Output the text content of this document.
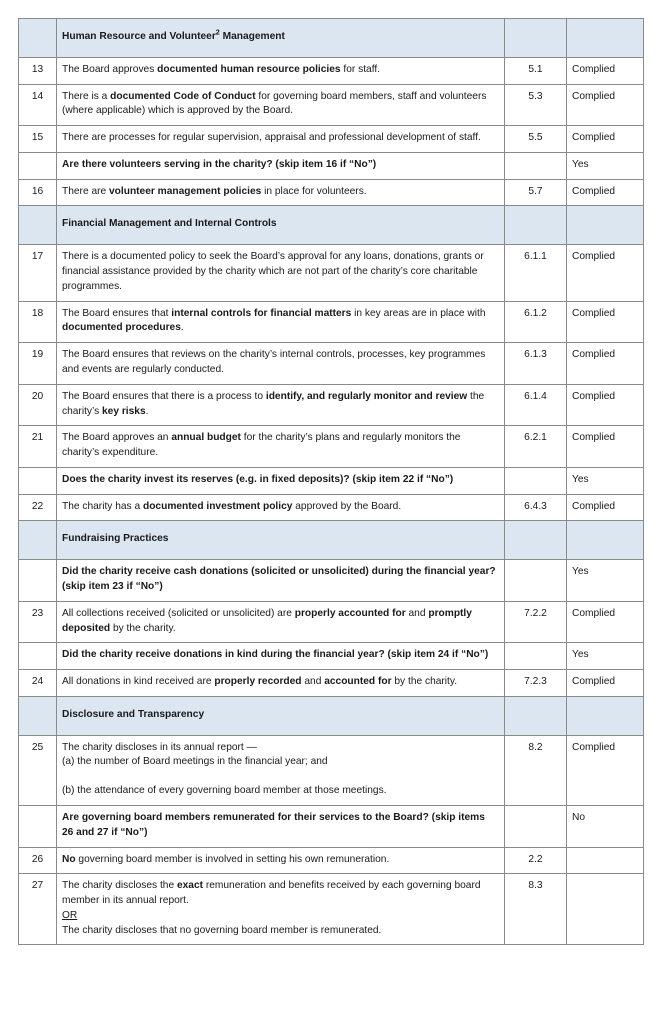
	Human Resource and Volunteer$^2$ Management		
13	The Board approves documented human resource policies for staff.	5.1	Complied
14	There is a documented Code of Conduct for governing board members, staff and volunteers (where applicable) which is approved by the Board.	5.3	Complied
15	There are processes for regular supervision, appraisal and professional development of staff.	5.5	Complied
	Are there volunteers serving in the charity? (skip item 16 if “No”)		Yes
16	There are volunteer management policies in place for volunteers.	5.7	Complied
	Financial Management and Internal Controls		
17	There is a documented policy to seek the Board’s approval for any loans, donations, grants or financial assistance provided by the charity which are not part of the charity’s core charitable programmes.	6.1.1	Complied
18	The Board ensures that internal controls for financial matters in key areas are in place with documented procedures.	6.1.2	Complied
19	The Board ensures that reviews on the charity’s internal controls, processes, key programmes and events are regularly conducted.	6.1.3	Complied
20	The Board ensures that there is a process to identify, and regularly monitor and review the charity’s key risks.	6.1.4	Complied
21	The Board approves an annual budget for the charity’s plans and regularly monitors the charity’s expenditure.	6.2.1	Complied
	Does the charity invest its reserves (e.g. in fixed deposits)? (skip item 22 if “No”)		Yes
22	The charity has a documented investment policy approved by the Board.	6.4.3	Complied
	Fundraising Practices		
	Did the charity receive cash donations (solicited or unsolicited) during the financial year? (skip item 23 if “No”)		Yes
23	All collections received (solicited or unsolicited) are properly accounted for and promptly deposited by the charity.	7.2.2	Complied
	Did the charity receive donations in kind during the financial year? (skip item 24 if “No”)		Yes
24	All donations in kind received are properly recorded and accounted for by the charity.	7.2.3	Complied
	Disclosure and Transparency		
25	The charity discloses in its annual report —
(a) the number of Board meetings in the financial year; and
(b) the attendance of every governing board member at those meetings.	8.2	Complied
	Are governing board members remunerated for their services to the Board? (skip items 26 and 27 if “No”)		No
26	No governing board member is involved in setting his own remuneration.	2.2	
27	The charity discloses the exact remuneration and benefits received by each governing board member in its annual report.
OR
The charity discloses that no governing board member is remunerated.	8.3	
